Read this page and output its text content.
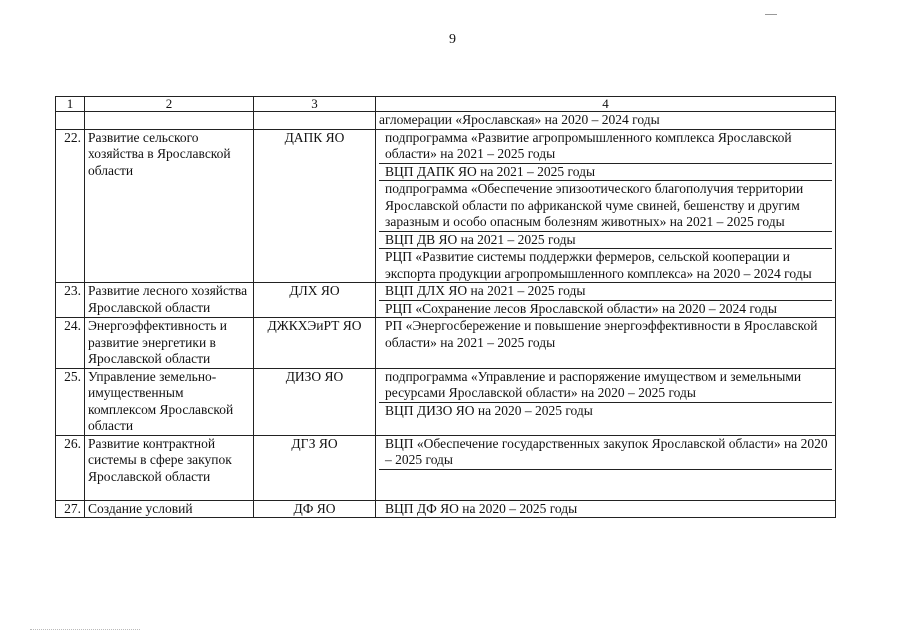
9
1	2	3	4
			агломерации «Ярославская» на 2020 – 2024 годы
22.	Развитие сельского хозяйства в Ярославской области	ДАПК ЯО	подпрограмма «Развитие агропромышленного комплекса Ярославской области» на 2021 – 2025 годы
ВЦП ДАПК ЯО на 2021 – 2025 годы
подпрограмма «Обеспечение эпизоотического благополучия территории Ярославской области по африканской чуме свиней, бешенству и другим заразным и особо опасным болезням животных» на 2021 – 2025 годы
ВЦП ДВ ЯО на 2021 – 2025 годы
РЦП «Развитие системы поддержки фермеров, сельской кооперации и экспорта продукции агропромышленного комплекса» на 2020 – 2024 годы

23.	Развитие лесного хозяйства Ярославской области	ДЛХ ЯО	ВЦП ДЛХ ЯО на 2021 – 2025 годы
РЦП «Сохранение лесов Ярославской области» на 2020 – 2024 годы

24.	Энергоэффективность и развитие энергетики в Ярославской области	ДЖКХЭиРТ ЯО	РП «Энергосбережение и повышение энергоэффективности в Ярославской области» на 2021 – 2025 годы

25.	Управление земельно-имущественным комплексом Ярославской области	ДИЗО ЯО	подпрограмма «Управление и распоряжение имуществом и земельными ресурсами Ярославской области» на 2020 – 2025 годы
ВЦП ДИЗО ЯО на 2020 – 2025 годы

26.	Развитие контрактной системы в сфере закупок Ярославской области	ДГЗ ЯО	ВЦП «Обеспечение государственных закупок Ярославской области» на 2020 – 2025 годы

27.	Создание условий	ДФ ЯО	ВЦП ДФ ЯО на 2020 – 2025 годы
